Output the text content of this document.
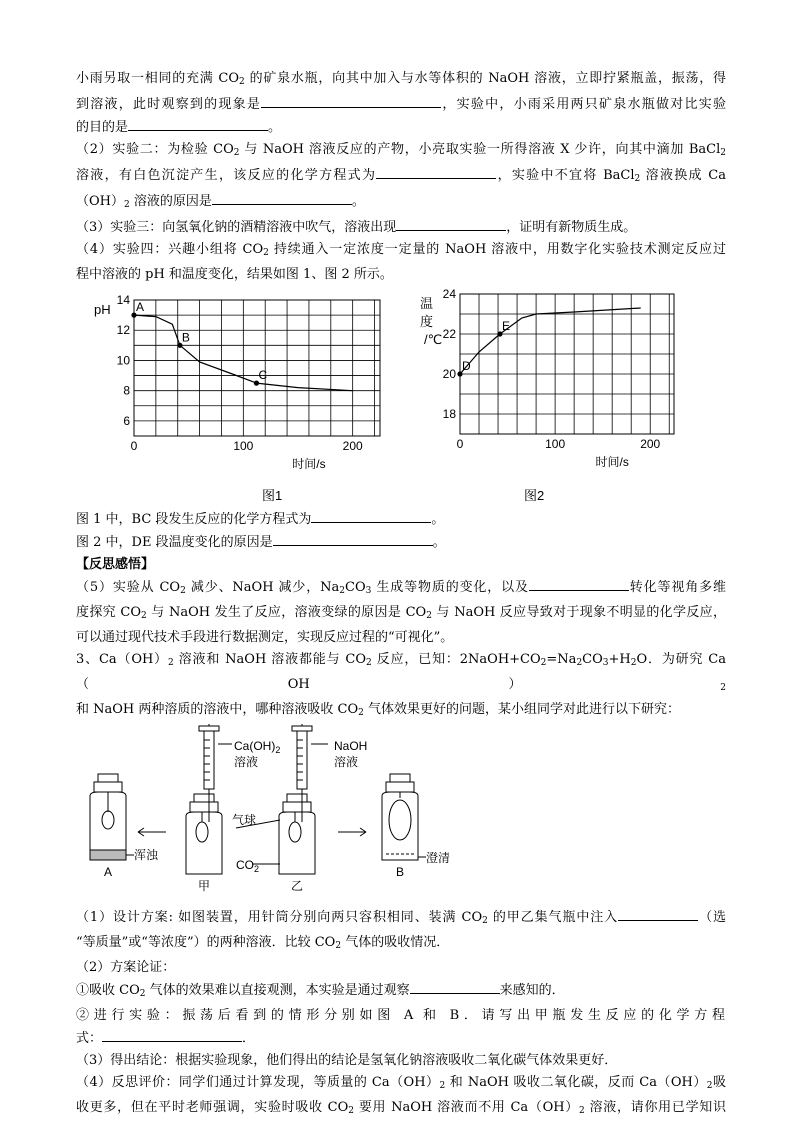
小雨另取一相同的充满 $CO_2$ 的矿泉水瓶，向其中加入与水等体积的 NaOH 溶液，立即拧紧瓶盖，振荡，得

到溶液，此时观察到的现象是	，实验中，小雨采用两只矿泉水瓶做对比实验

的目的是	。

（2）实验二：为检验 $CO_2$ 与 NaOH 溶液反应的产物，小亮取实验一所得溶液 X 少许，向其中滴加 BaCl$_2$

溶液，有白色沉淀产生，该反应的化学方程式为	，实验中不宜将 BaCl$_2$ 溶液换成 Ca

$(OH)_2$ 溶液的原因是	。

（3）实验三：向氢氧化钠的酒精溶液中吹气，溶液出现	，证明有新物质生成。

（4）实验四：兴趣小组将 $CO_2$ 持续通入一定浓度一定量的 NaOH 溶液中，用数字化实验技术测定反应过

程中溶液的 pH 和温度变化，结果如图 1、图 2 所示。

6
8
10
12
14
0	100	200
时间/s
pH A
B
C
18
20
22
24
0	100	200
时间/s
温
度
/℃
D
E
图1	图2

图 1 中，BC 段发生反应的化学方程式为	。

图 2 中，DE 段温度变化的原因是	。

【反思感悟】

（5）实验从 $CO_2$ 减少、NaOH 减少，$Na_2CO_3$ 生成等物质的变化，以及	转化等视角多维

度探究 $CO_2$ 与 NaOH 发生了反应，溶液变绿的原因是 $CO_2$ 与 NaOH 反应导致对于现象不明显的化学反应，

可以通过现代技术手段进行数据测定，实现反应过程的“可视化”。

3、$Ca(OH)_2$ 溶液和 NaOH 溶液都能与 $CO_2$ 反应，已知：$2NaOH+CO_2=Na_2CO_3+H_2O$．为研究 $Ca(OH)_2$

和 NaOH 两种溶质的溶液中，哪种溶液吸收 $CO_2$ 气体效果更好的问题，某小组同学对此进行以下研究：

$Ca(OH)_2$
溶液
NaOH
溶液
气球
$CO_2$
浑浊	澄清
A	B
甲	乙

（1）设计方案: 如图装置，用针筒分别向两只容积相同、装满 $CO_2$ 的甲乙集气瓶中注入	（选

“等质量”或“等浓度”）的两种溶液．比较 $CO_2$ 气体的吸收情况．

（2）方案论证：

①吸收 $CO_2$ 气体的效果难以直接观测，本实验是通过观察	来感知的．

②进行实验：振荡后看到的情形分别如图 A 和 B．请写出甲瓶发生反应的化学方程

式：	．

（3）得出结论：根据实验现象，他们得出的结论是氢氧化钠溶液吸收二氧化碳气体效果更好．

（4）反思评价：同学们通过计算发现，等质量的 $Ca(OH)_2$ 和 NaOH 吸收二氧化碳，反而 $Ca(OH)_2$吸

收更多，但在平时老师强调，实验时吸收 $CO_2$ 要用 NaOH 溶液而不用 $Ca(OH)_2$ 溶液，请你用已学知识
